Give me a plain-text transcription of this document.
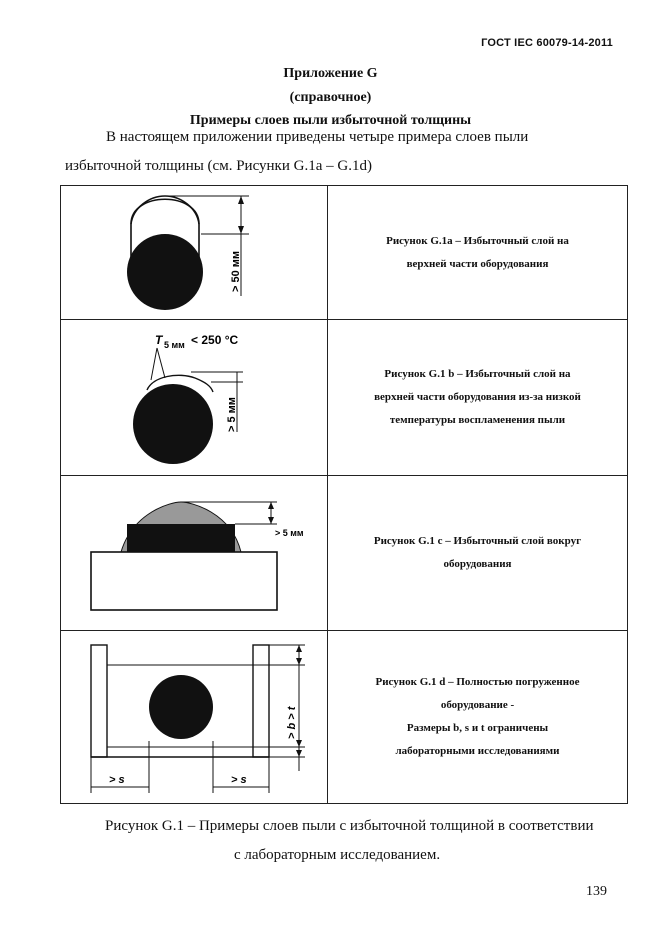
ГОСТ IEC 60079-14-2011
Приложение G
(справочное)
Примеры слоев пыли избыточной толщины
В настоящем приложении приведены четыре примера слоев пыли
избыточной толщины (см. Рисунки G.1a – G.1d)
> 50 мм	Рисунок G.1a – Избыточный слой на
верхней части оборудования

T 5 мм < 250 °C
> 5 мм	Рисунок G.1 b – Избыточный слой на
верхней части оборудования из-за низкой
температуры воспламенения пыли

> 5 мм	Рисунок G.1 c – Избыточный слой вокруг
оборудования

> b > t
> s > s	Рисунок G.1 d – Полностью погруженное
оборудование -
Размеры b, s и t ограничены
лабораторными исследованиями
Рисунок G.1 – Примеры слоев пыли с избыточной толщиной в соответствии
с лабораторным исследованием.
139
